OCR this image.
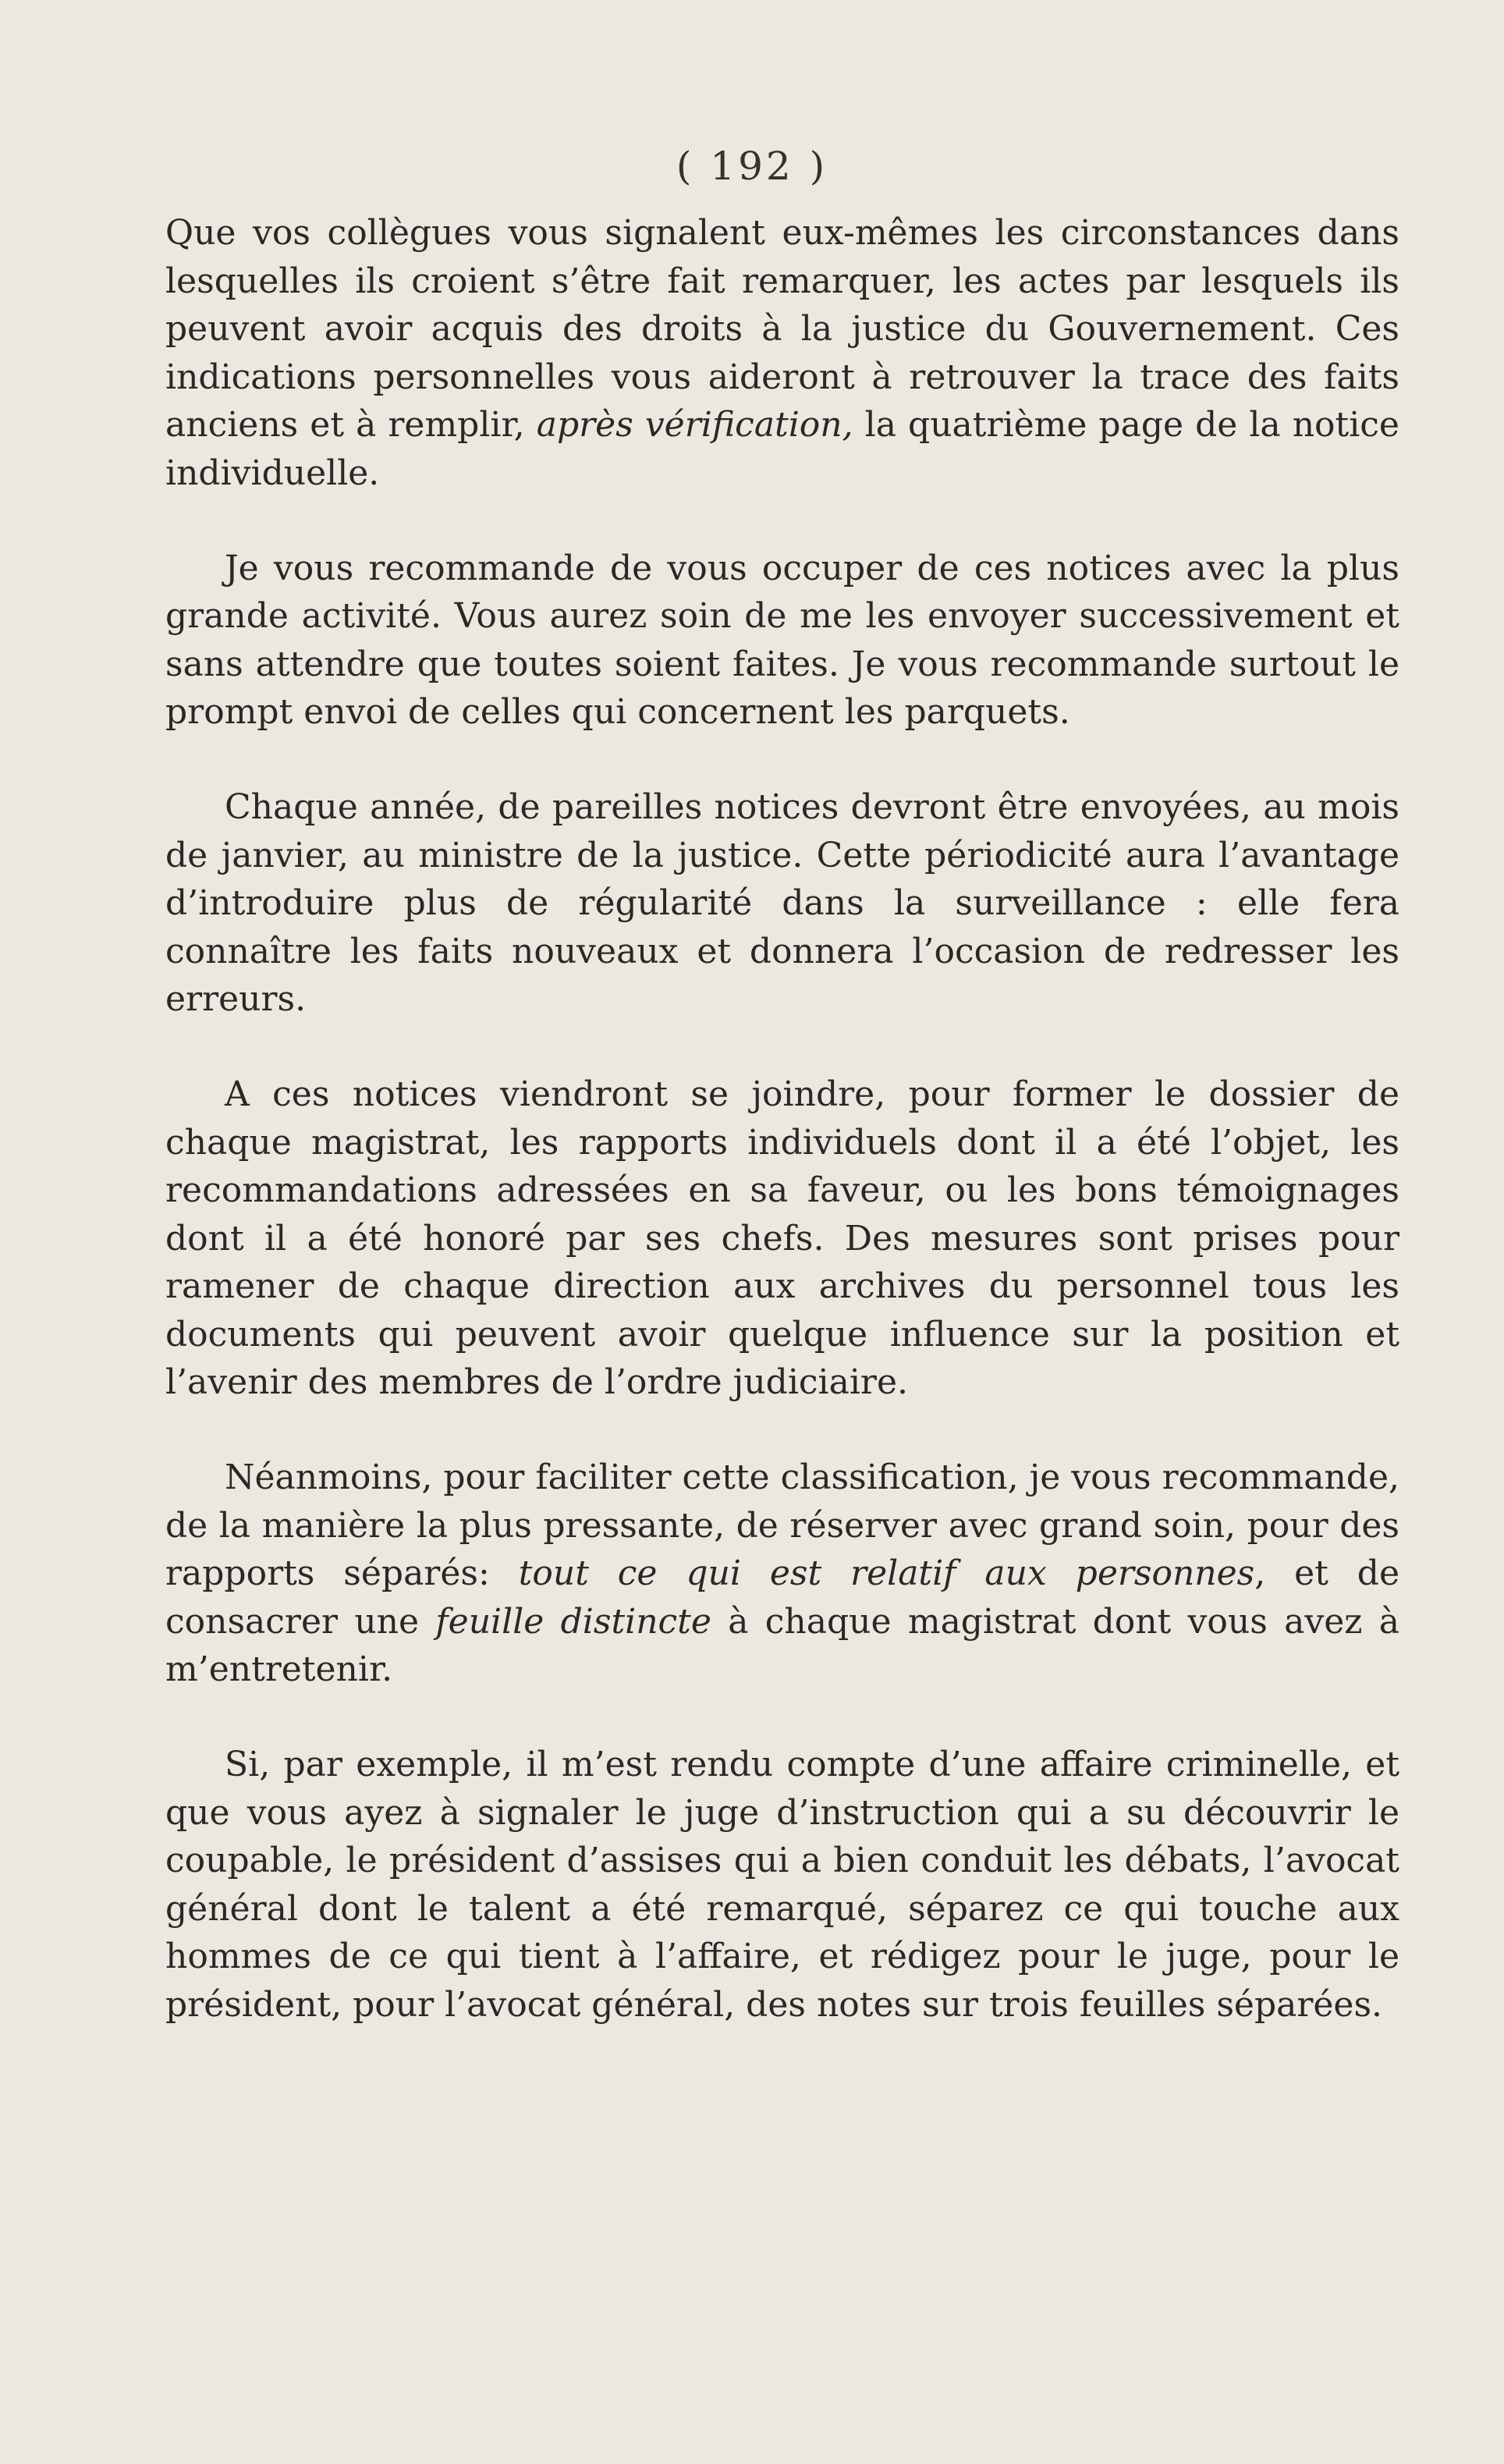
( 192 )

Que vos collègues vous signalent eux-mêmes les circonstances dans lesquelles ils croient s’être fait remarquer, les actes par lesquels ils peuvent avoir acquis des droits à la justice du Gouvernement. Ces indications personnelles vous aideront à retrouver la trace des faits anciens et à remplir, après vérification, la quatrième page de la notice individuelle.

Je vous recommande de vous occuper de ces notices avec la plus grande activité. Vous aurez soin de me les envoyer successivement et sans attendre que toutes soient faites. Je vous recommande surtout le prompt envoi de celles qui concernent les parquets.

Chaque année, de pareilles notices devront être envoyées, au mois de janvier, au ministre de la justice. Cette périodicité aura l’avantage d’introduire plus de régularité dans la surveillance : elle fera connaître les faits nouveaux et donnera l’occasion de redresser les erreurs.

A ces notices viendront se joindre, pour former le dossier de chaque magistrat, les rapports individuels dont il a été l’objet, les recommandations adressées en sa faveur, ou les bons témoignages dont il a été honoré par ses chefs. Des mesures sont prises pour ramener de chaque direction aux archives du personnel tous les documents qui peuvent avoir quelque influence sur la position et l’avenir des membres de l’ordre judiciaire.

Néanmoins, pour faciliter cette classification, je vous recommande, de la manière la plus pressante, de réserver avec grand soin, pour des rapports séparés: tout ce qui est relatif aux personnes, et de consacrer une feuille distincte à chaque magistrat dont vous avez à m’entretenir.

Si, par exemple, il m’est rendu compte d’une affaire criminelle, et que vous ayez à signaler le juge d’instruction qui a su découvrir le coupable, le président d’assises qui a bien conduit les débats, l’avocat général dont le talent a été remarqué, séparez ce qui touche aux hommes de ce qui tient à l’affaire, et rédigez pour le juge, pour le président, pour l’avocat général, des notes sur trois feuilles séparées.
